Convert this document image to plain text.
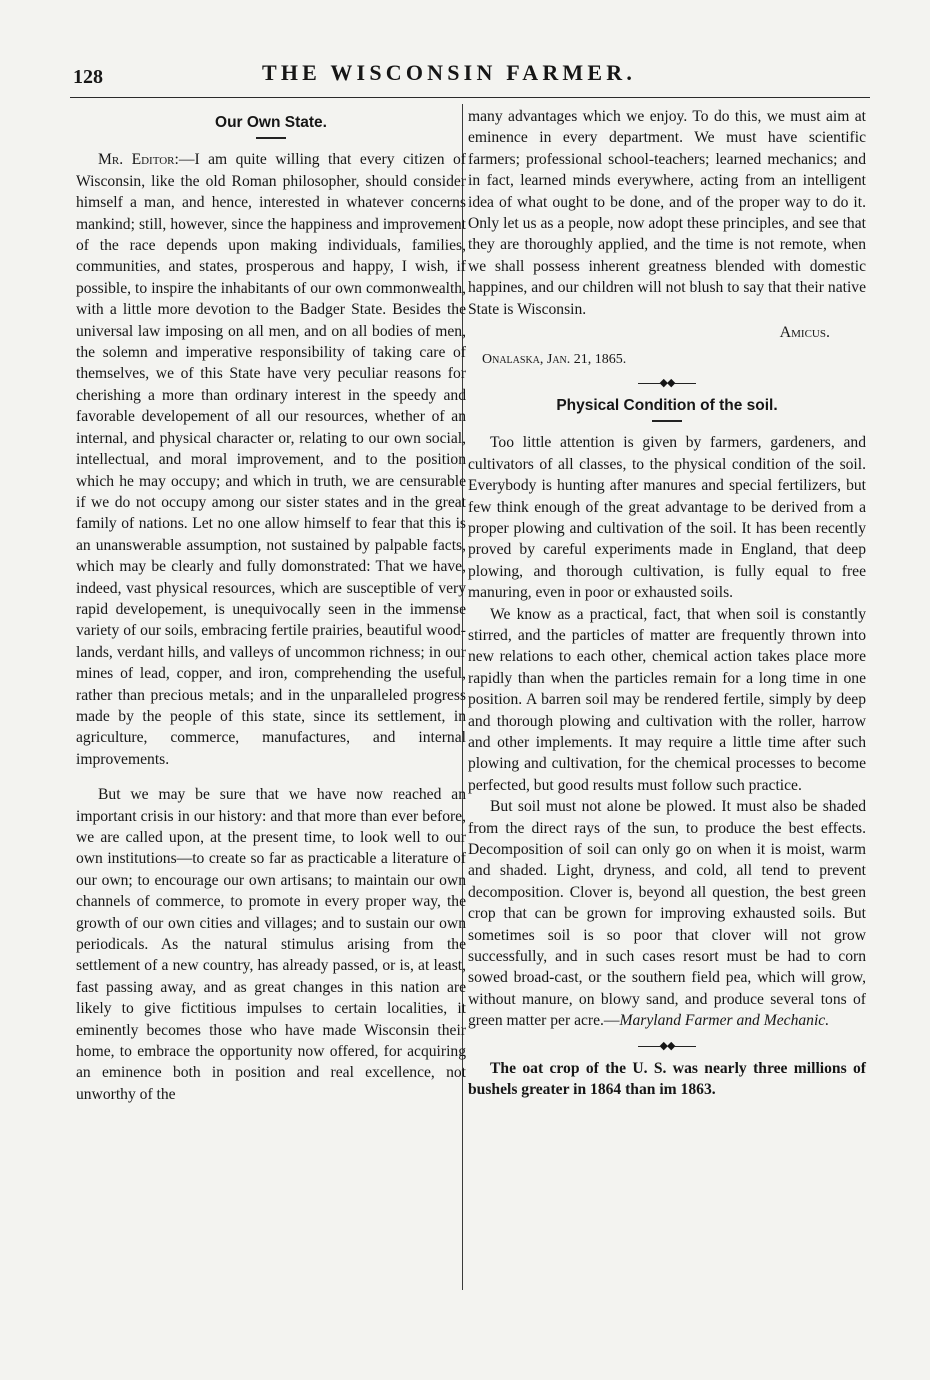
128	THE WISCONSIN FARMER.

Our Own State.

Mr. Editor:—I am quite willing that every citizen of Wisconsin, like the old Roman philosopher, should consider himself a man, and hence, interested in whatever concerns mankind; still, however, since the happiness and improvement of the race depends upon making individuals, families, communities, and states, prosperous and happy, I wish, if possible, to inspire the inhabitants of our own commonwealth, with a little more devotion to the Badger State. Besides the universal law imposing on all men, and on all bodies of men, the solemn and imperative responsibility of taking care of themselves, we of this State have very peculiar reasons for cherishing a more than ordinary interest in the speedy and favorable developement of all our resources, whether of an internal, and physical character or, relating to our own social, intellectual, and moral improvement, and to the position which he may occupy; and which in truth, we are censurable if we do not occupy among our sister states and in the great family of nations. Let no one allow himself to fear that this is an unanswerable assumption, not sustained by palpable facts, which may be clearly and fully domonstrated: That we have, indeed, vast physical resources, which are susceptible of very rapid developement, is unequivocally seen in the immense variety of our soils, embracing fertile prairies, beautiful wood-lands, verdant hills, and valleys of uncommon richness; in our mines of lead, copper, and iron, comprehending the useful, rather than precious metals; and in the unparalleled progress made by the people of this state, since its settlement, in agriculture, commerce, manufactures, and internal improvements.

But we may be sure that we have now reached an important crisis in our history: and that more than ever before, we are called upon, at the present time, to look well to our own institutions—to create so far as practicable a literature of our own; to encourage our own artisans; to maintain our own channels of commerce, to promote in every proper way, the growth of our own cities and villages; and to sustain our own periodicals. As the natural stimulus arising from the settlement of a new country, has already passed, or is, at least, fast passing away, and as great changes in this nation are likely to give fictitious impulses to certain localities, it eminently becomes those who have made Wisconsin their home, to embrace the opportunity now offered, for acquiring an eminence both in position and real excellence, not unworthy of the

many advantages which we enjoy. To do this, we must aim at eminence in every department. We must have scientific farmers; professional school-teachers; learned mechanics; and in fact, learned minds everywhere, acting from an intelligent idea of what ought to be done, and of the proper way to do it. Only let us as a people, now adopt these principles, and see that they are thoroughly applied, and the time is not remote, when we shall possess inherent greatness blended with domestic happines, and our children will not blush to say that their native State is Wisconsin.

Amicus.

Onalaska, Jan. 21, 1865.

◆◆

Physical Condition of the soil.

Too little attention is given by farmers, gardeners, and cultivators of all classes, to the physical condition of the soil. Everybody is hunting after manures and special fertilizers, but few think enough of the great advantage to be derived from a proper plowing and cultivation of the soil. It has been recently proved by careful experiments made in England, that deep plowing, and thorough cultivation, is fully equal to free manuring, even in poor or exhausted soils.

We know as a practical, fact, that when soil is constantly stirred, and the particles of matter are frequently thrown into new relations to each other, chemical action takes place more rapidly than when the particles remain for a long time in one position. A barren soil may be rendered fertile, simply by deep and thorough plowing and cultivation with the roller, harrow and other implements. It may require a little time after such plowing and cultivation, for the chemical processes to become perfected, but good results must follow such practice.

But soil must not alone be plowed. It must also be shaded from the direct rays of the sun, to produce the best effects. Decomposition of soil can only go on when it is moist, warm and shaded. Light, dryness, and cold, all tend to prevent decomposition. Clover is, beyond all question, the best green crop that can be grown for improving exhausted soils. But sometimes soil is so poor that clover will not grow successfully, and in such cases resort must be had to corn sowed broad-cast, or the southern field pea, which will grow, without manure, on blowy sand, and produce several tons of green matter per acre.—Maryland Farmer and Mechanic.

◆◆

The oat crop of the U. S. was nearly three millions of bushels greater in 1864 than im 1863.
